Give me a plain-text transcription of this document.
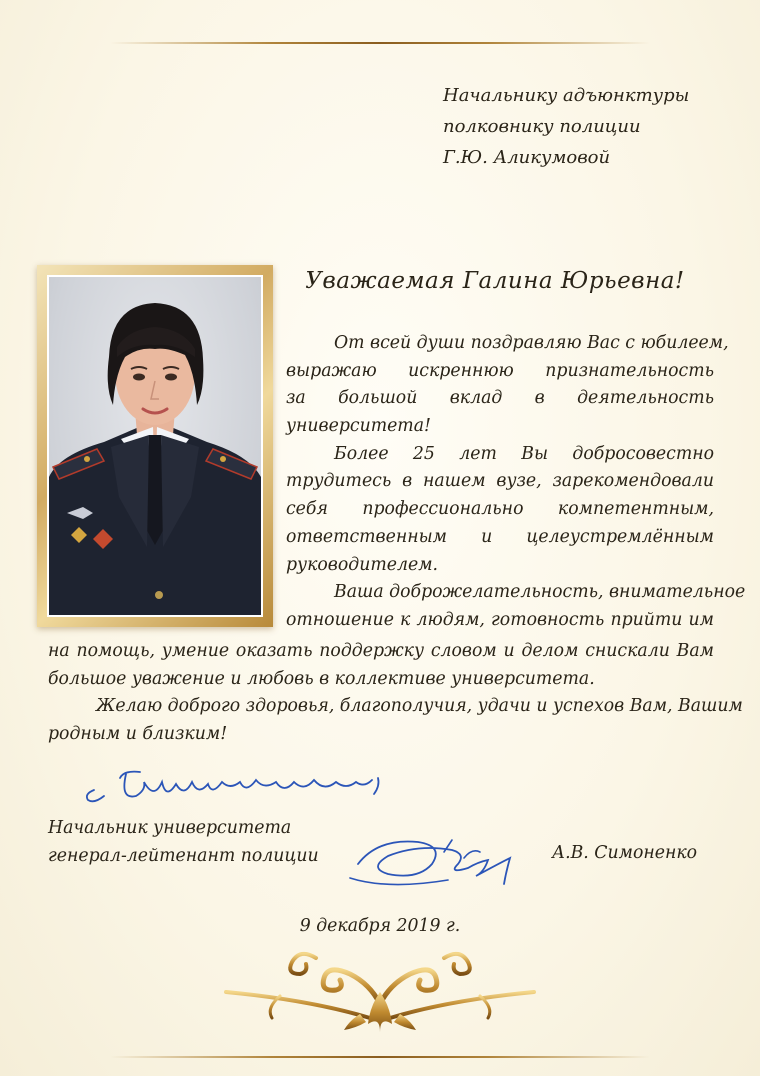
Начальнику адъюнктуры
полковнику полиции
Г.Ю. Аликумовой
Уважаемая Галина Юрьевна!
От всей души поздравляю Вас с юбилеем,
выражаю искреннюю признательность
за большой вклад в деятельность
университета!
Более 25 лет Вы добросовестно
трудитесь в нашем вузе, зарекомендовали
себя профессионально компетентным,
ответственным и целеустремлённым
руководителем.
Ваша доброжелательность, внимательное
отношение к людям, готовность прийти им
на помощь, умение оказать поддержку словом и делом снискали Вам
большое уважение и любовь в коллективе университета.
Желаю доброго здоровья, благополучия, удачи и успехов Вам, Вашим
родным и близким!
Начальник университета
генерал-лейтенант полиции	А.В. Симоненко
9 декабря 2019 г.
